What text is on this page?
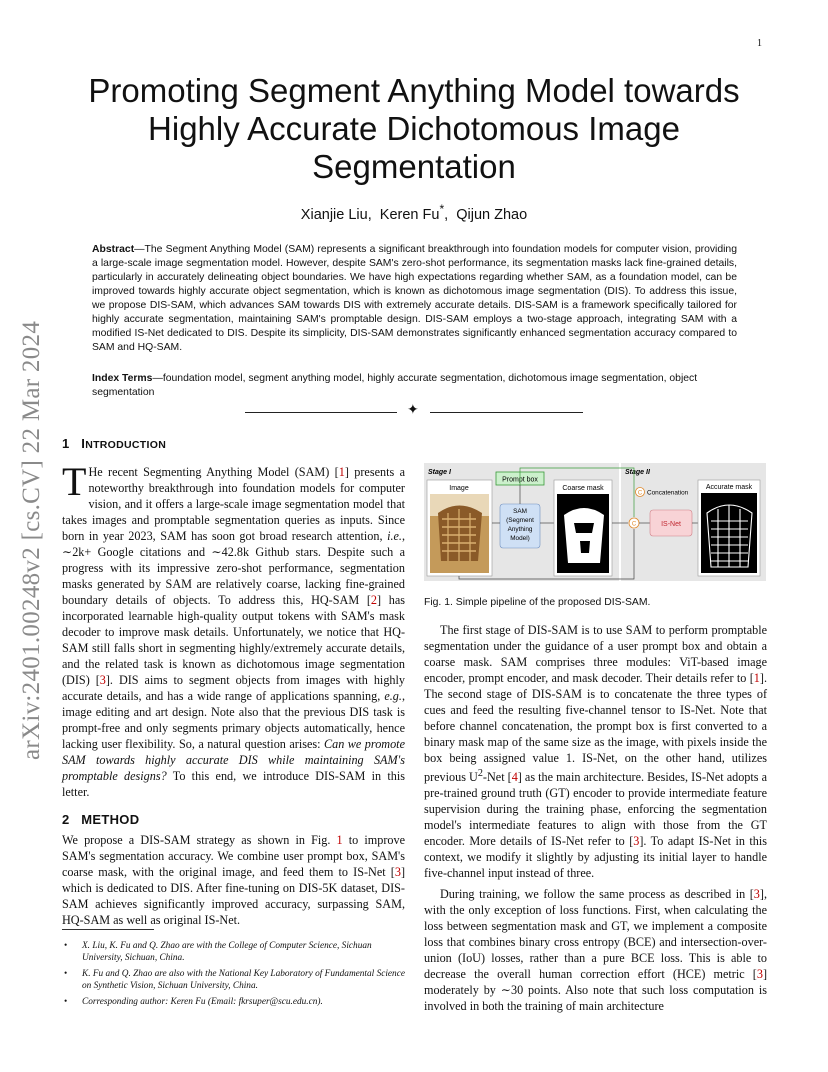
1
arXiv:2401.00248v2 [cs.CV] 22 Mar 2024
Promoting Segment Anything Model towards Highly Accurate Dichotomous Image Segmentation
Xianjie Liu, Keren Fu*, Qijun Zhao

Abstract—The Segment Anything Model (SAM) represents a significant breakthrough into foundation models for computer vision, providing a large-scale image segmentation model. However, despite SAM's zero-shot performance, its segmentation masks lack fine-grained details, particularly in accurately delineating object boundaries. We have high expectations regarding whether SAM, as a foundation model, can be improved towards highly accurate object segmentation, which is known as dichotomous image segmentation (DIS). To address this issue, we propose DIS-SAM, which advances SAM towards DIS with extremely accurate details. DIS-SAM is a framework specifically tailored for highly accurate segmentation, maintaining SAM's promptable design. DIS-SAM employs a two-stage approach, integrating SAM with a modified IS-Net dedicated to DIS. Despite its simplicity, DIS-SAM demonstrates significantly enhanced segmentation accuracy compared to SAM and HQ-SAM.

Index Terms—foundation model, segment anything model, highly accurate segmentation, dichotomous image segmentation, object segmentation

✦
1 INTRODUCTION

T He recent Segmenting Anything Model (SAM) [1] presents a noteworthy breakthrough into foundation models for computer vision, and it offers a large-scale image segmentation model that takes images and promptable segmentation queries as inputs. Since born in year 2023, SAM has soon got broad research attention, i.e., ∼2k+ Google citations and ∼42.8k Github stars. Despite such a progress with its impressive zero-shot performance, segmentation masks generated by SAM are relatively coarse, lacking fine-grained boundary details of objects. To address this, HQ-SAM [2] has incorporated learnable high-quality output tokens with SAM's mask decoder to improve mask details. Unfortunately, we notice that HQ-SAM still falls short in segmenting highly/extremely accurate details, and the related task is known as dichotomous image segmentation (DIS) [3]. DIS aims to segment objects from images with highly accurate details, and has a wide range of applications spanning, e.g., image editing and art design. Note also that the previous DIS task is prompt-free and only segments primary objects automatically, hence lacking user flexibility. So, a natural question arises: Can we promote SAM towards highly accurate DIS while maintaining SAM's promptable designs? To this end, we introduce DIS-SAM in this letter.

2 METHOD

We propose a DIS-SAM strategy as shown in Fig. 1 to improve SAM's segmentation accuracy. We combine user prompt box, SAM's coarse mask, with the original image, and feed them to IS-Net [3] which is dedicated to DIS. After fine-tuning on DIS-5K dataset, DIS-SAM achieves significantly improved accuracy, surpassing SAM, HQ-SAM as well as original IS-Net.

• X. Liu, K. Fu and Q. Zhao are with the College of Computer Science, Sichuan University, Sichuan, China.
• K. Fu and Q. Zhao are also with the National Key Laboratory of Fundamental Science on Synthetic Vision, Sichuan University, China.
• Corresponding author: Keren Fu (Email: fkrsuper@scu.edu.cn).
Stage I	Stage II
Image
Prompt box
SAM
(Segment
Anything
Model)
Coarse mask
C Concatenation
C	IS-Net
Accurate mask
Fig. 1. Simple pipeline of the proposed DIS-SAM.

The first stage of DIS-SAM is to use SAM to perform promptable segmentation under the guidance of a user prompt box and obtain a coarse mask. SAM comprises three modules: ViT-based image encoder, prompt encoder, and mask decoder. Their details refer to [1]. The second stage of DIS-SAM is to concatenate the three types of cues and feed the resulting five-channel tensor to IS-Net. Note that before channel concatenation, the prompt box is first converted to a binary mask map of the same size as the image, with pixels inside the box being assigned value 1. IS-Net, on the other hand, utilizes previous $U^2$-Net [4] as the main architecture. Besides, IS-Net adopts a pre-trained ground truth (GT) encoder to provide intermediate feature supervision during the training phase, enforcing the segmentation model's intermediate features to align with those from the GT encoder. More details of IS-Net refer to [3]. To adapt IS-Net in this context, we modify it slightly by adjusting its initial layer to handle five-channel input instead of three.

During training, we follow the same process as described in [3], with the only exception of loss functions. First, when calculating the loss between segmentation mask and GT, we implement a composite loss that combines binary cross entropy (BCE) and intersection-over-union (IoU) losses, rather than a pure BCE loss. This is able to decrease the overall human correction effort (HCE) metric [3] moderately by ∼30 points. Also note that such loss computation is involved in both the training of main architecture
